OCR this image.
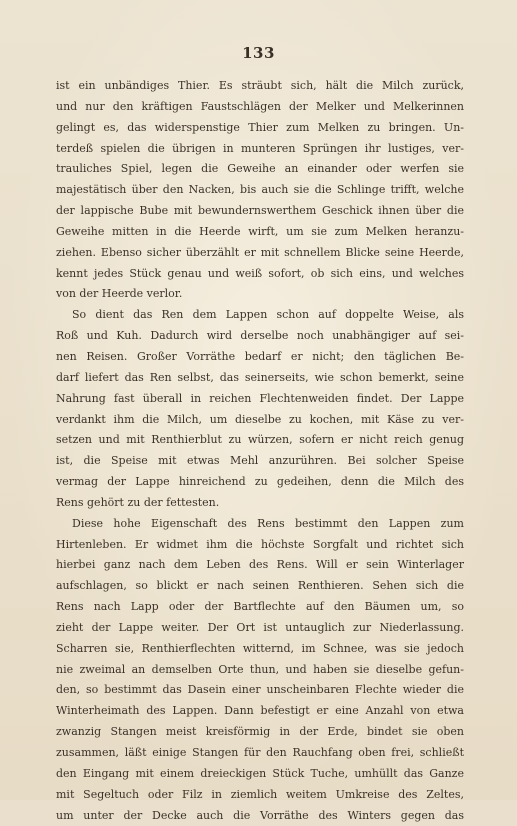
133
ist ein unbändiges Thier. Es sträubt sich, hält die Milch zurück,
und nur den kräftigen Faustschlägen der Melker und Melkerinnen
gelingt es, das widerspenstige Thier zum Melken zu bringen. Un-
terdeß spielen die übrigen in munteren Sprüngen ihr lustiges, ver-
trauliches Spiel, legen die Geweihe an einander oder werfen sie
majestätisch über den Nacken, bis auch sie die Schlinge trifft, welche
der lappische Bube mit bewundernswerthem Geschick ihnen über die
Geweihe mitten in die Heerde wirft, um sie zum Melken heranzu-
ziehen. Ebenso sicher überzählt er mit schnellem Blicke seine Heerde,
kennt jedes Stück genau und weiß sofort, ob sich eins, und welches
von der Heerde verlor.
So dient das Ren dem Lappen schon auf doppelte Weise, als
Roß und Kuh. Dadurch wird derselbe noch unabhängiger auf sei-
nen Reisen. Großer Vorräthe bedarf er nicht; den täglichen Be-
darf liefert das Ren selbst, das seinerseits, wie schon bemerkt, seine
Nahrung fast überall in reichen Flechtenweiden findet. Der Lappe
verdankt ihm die Milch, um dieselbe zu kochen, mit Käse zu ver-
setzen und mit Renthierblut zu würzen, sofern er nicht reich genug
ist, die Speise mit etwas Mehl anzurühren. Bei solcher Speise
vermag der Lappe hinreichend zu gedeihen, denn die Milch des
Rens gehört zu der fettesten.
Diese hohe Eigenschaft des Rens bestimmt den Lappen zum
Hirtenleben. Er widmet ihm die höchste Sorgfalt und richtet sich
hierbei ganz nach dem Leben des Rens. Will er sein Winterlager
aufschlagen, so blickt er nach seinen Renthieren. Sehen sich die
Rens nach Lapp oder der Bartflechte auf den Bäumen um, so
zieht der Lappe weiter. Der Ort ist untauglich zur Niederlassung.
Scharren sie, Renthierflechten witternd, im Schnee, was sie jedoch
nie zweimal an demselben Orte thun, und haben sie dieselbe gefun-
den, so bestimmt das Dasein einer unscheinbaren Flechte wieder die
Winterheimath des Lappen. Dann befestigt er eine Anzahl von etwa
zwanzig Stangen meist kreisförmig in der Erde, bindet sie oben
zusammen, läßt einige Stangen für den Rauchfang oben frei, schließt
den Eingang mit einem dreieckigen Stück Tuche, umhüllt das Ganze
mit Segeltuch oder Filz in ziemlich weitem Umkreise des Zeltes,
um unter der Decke auch die Vorräthe des Winters gegen das
